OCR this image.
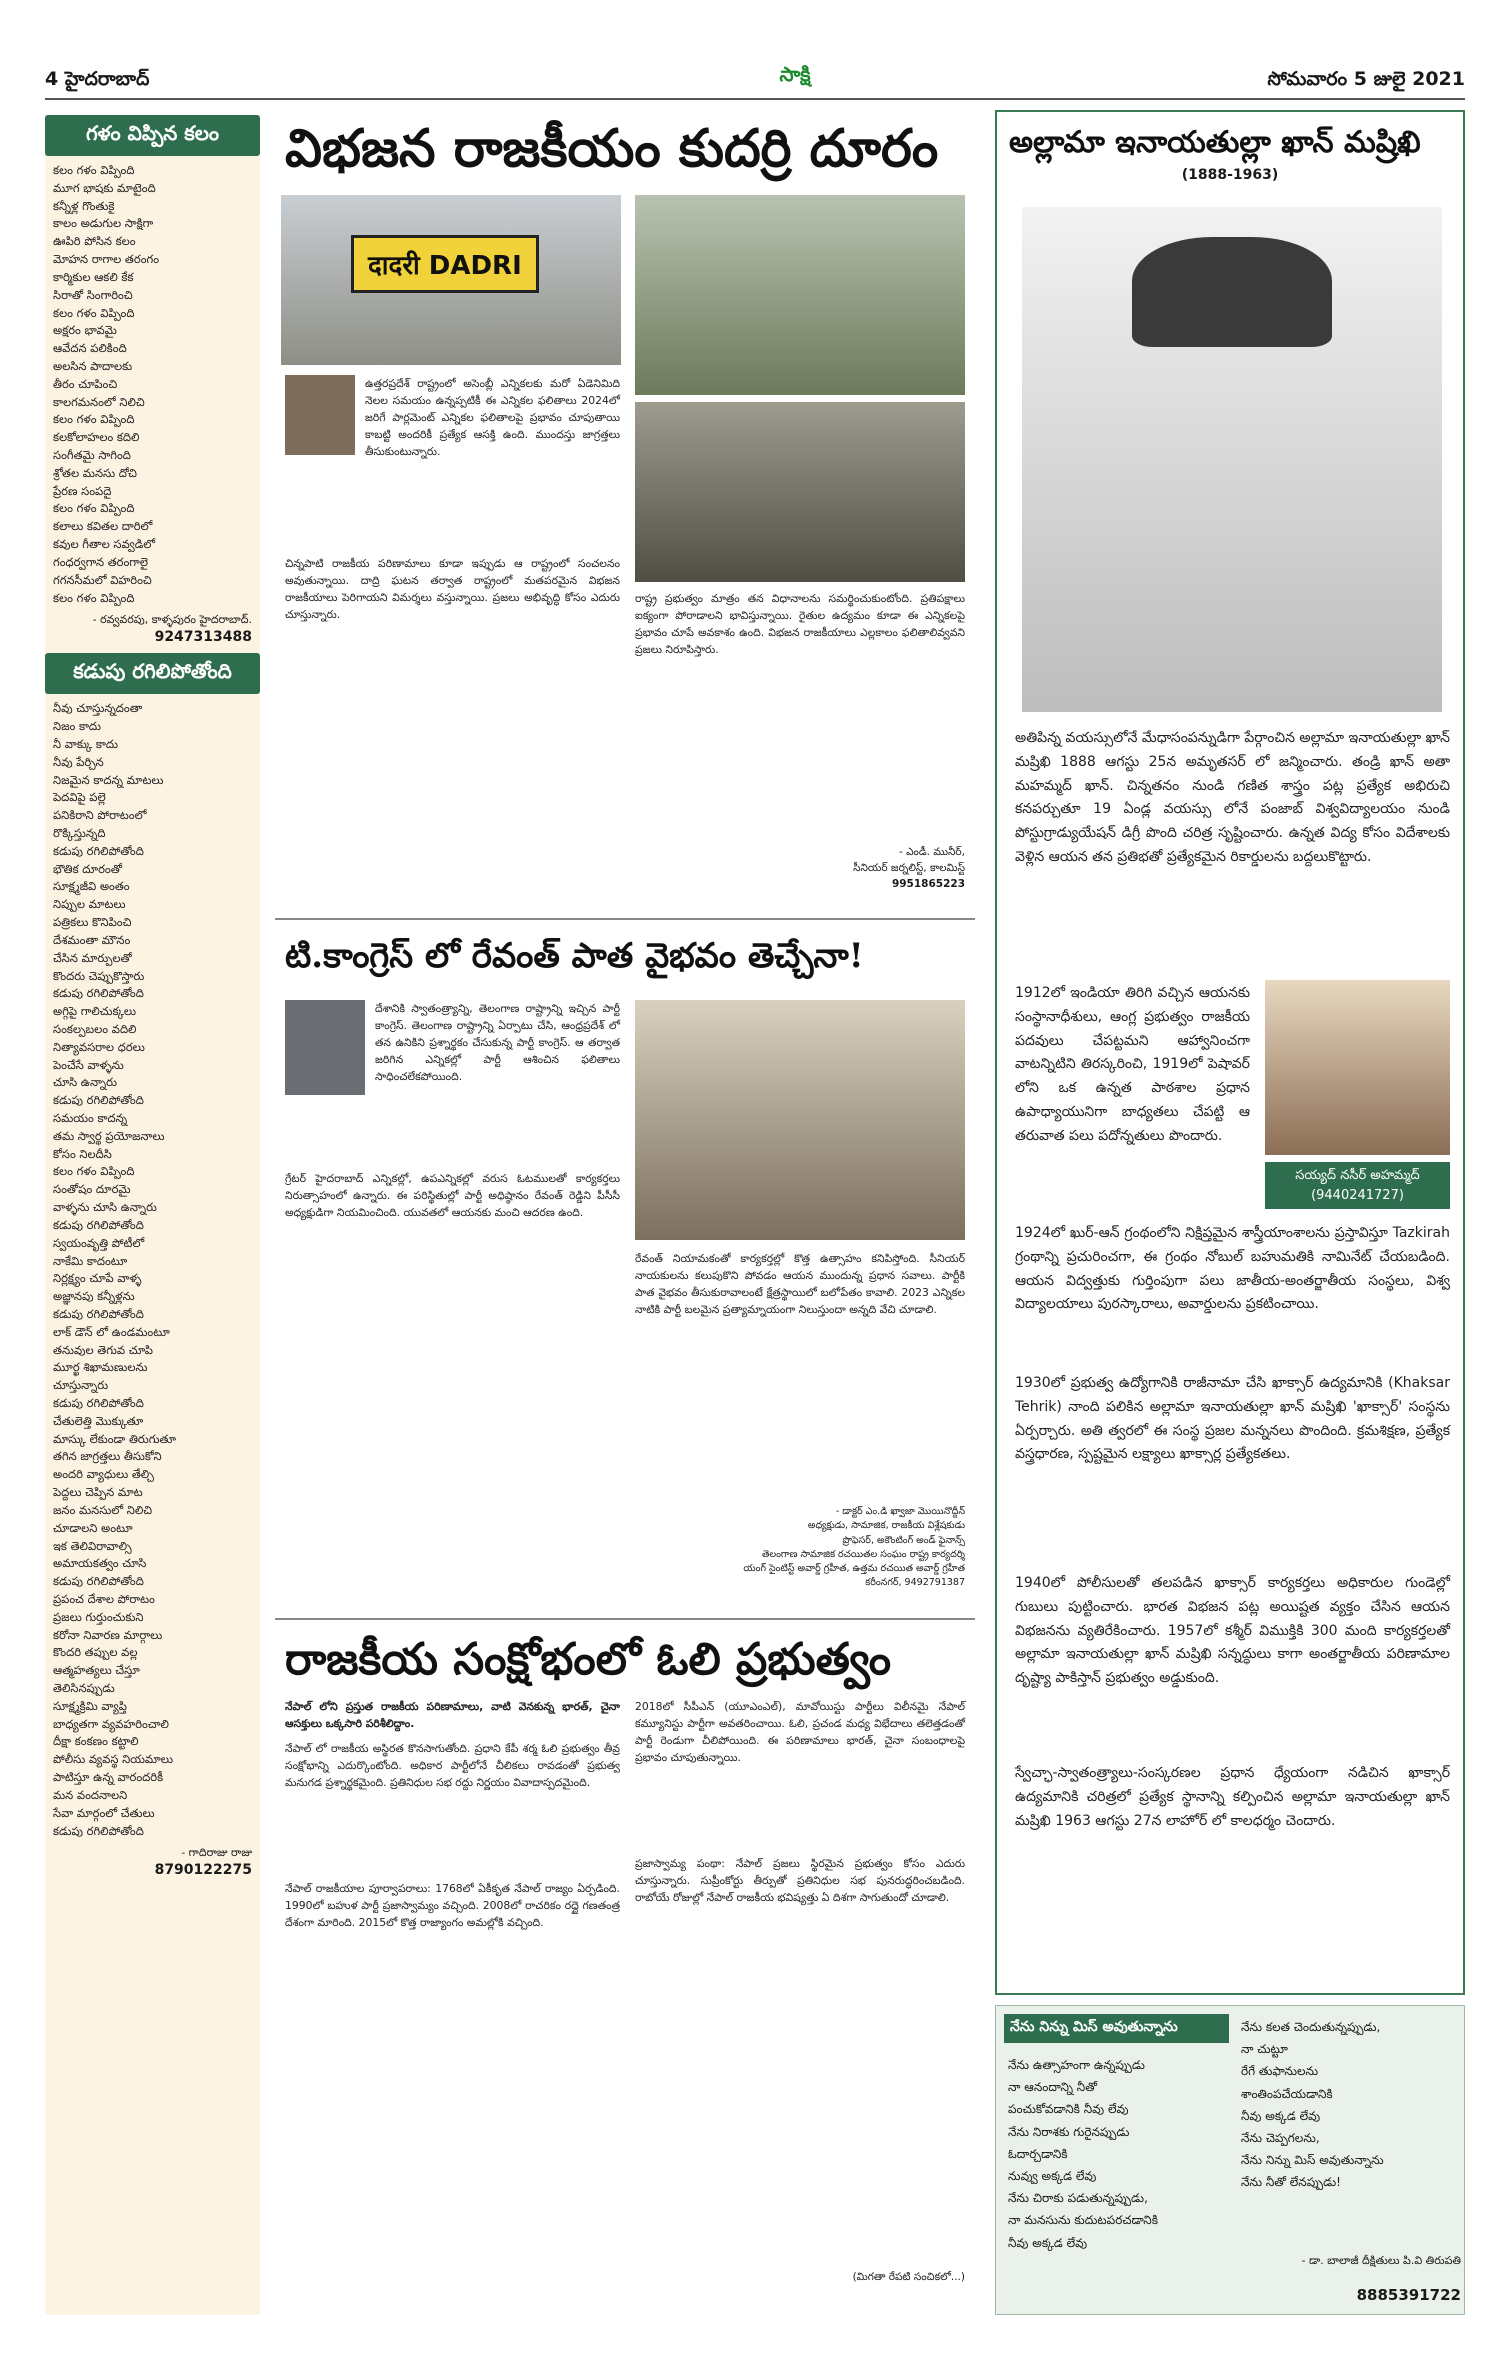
4 హైదరాబాద్	సాక్షి	సోమవారం 5 జులై 2021
గళం విప్పిన కలం

కలం గళం విప్పింది

మూగ భాషకు మాటైంది

కన్నీళ్ల గొంతుకై

కాలం అడుగుల సాక్షిగా

ఊపిరి పోసిన కలం

మోహన రాగాల తరంగం

కార్మికుల ఆకలి కేక

సిరాతో సింగారించి

కలం గళం విప్పింది

అక్షరం భావమై

ఆవేదన పలికింది

అలసిన పాదాలకు

తీరం చూపించి

కాలగమనంలో నిలిచి

కలం గళం విప్పింది

కలకోలాహలం కదిలి

సంగీతమై సాగింది

శ్రోతల మనసు దోచి

ప్రేరణ సంపదై

కలం గళం విప్పింది

కలాలు కవితల దారిలో

కవుల గీతాల సవ్వడిలో

గంధర్వగాన తరంగాలై

గగనసీమలో విహరించి

కలం గళం విప్పింది

- రవ్వవరపు, కాళ్ళపురం హైదరాబాద్.
9247313488
కడుపు రగిలిపోతోంది

నీవు చూస్తున్నదంతా

నిజం కాదు

నీ వాక్కు కాదు

నీవు పేర్చిన

నిజమైన కాదన్న మాటలు

పెదవిపై పల్లె

పనికిరాని పోరాటంలో

రొక్కిస్తున్నది

కడుపు రగిలిపోతోంది

భౌతిక దూరంతో

సూక్ష్మజీవి అంతం

నిప్పుల మాటలు

పత్రికలు కొనిపించి

దేశమంతా మౌనం

చేసిన మార్పులతో

కొందరు చెప్పుకొస్తారు

కడుపు రగిలిపోతోంది

అగ్గిపై గాలిచుక్కలు

సంకల్పబలం వదిలి

నిత్యావసరాల ధరలు

పెంచేసే వాళ్ళను

చూసి ఉన్నారు

కడుపు రగిలిపోతోంది

సమయం కాదన్న

తమ స్వార్థ ప్రయోజనాలు

కోసం నిలదీసి

కలం గళం విప్పింది

సంతోషం దూరమై

వాళ్ళను చూసి ఉన్నారు

కడుపు రగిలిపోతోంది

స్వయంవృత్తి పోటీలో

నాకేమి కాదంటూ

నిర్లక్ష్యం చూపే వాళ్ళ

అజ్ఞానపు కన్నీళ్లను

కడుపు రగిలిపోతోంది

లాక్ డౌన్ లో ఉండమంటూ

తనువుల తెగువ చూపి

మూర్ఖ శిఖామణులను

చూస్తున్నారు

కడుపు రగిలిపోతోంది

చేతులెత్తి మొక్కుతూ

మాస్కు లేకుండా తిరుగుతూ

తగిన జాగ్రత్తలు తీసుకోని

అందరి వ్యాధులు తేల్చి

పెద్దలు చెప్పిన మాట

జనం మనసులో నిలిచి

చూడాలని అంటూ

ఇక తెలివిరావాల్సి

అమాయకత్వం చూసి

కడుపు రగిలిపోతోంది

ప్రపంచ దేశాల పోరాటం

ప్రజలు గుర్తుంచుకుని

కరోనా నివారణ మార్గాలు

కొందరి తప్పుల వల్ల

ఆత్మహత్యలు చేస్తూ

తెలిసినప్పుడు

సూక్ష్మక్రిమి వ్యాప్తి

బాధ్యతగా వ్యవహరించాలి

దీక్షా కంకణం కట్టాలి

పోలీసు వ్యవస్థ నియమాలు

పాటిస్తూ ఉన్న వారందరికీ

మన వందనాలని

సేవా మార్గంలో చేతులు

కడుపు రగిలిపోతోంది

- గాదిరాజు రాజు
8790122275
విభజన రాజకీయం కుదర్రి దూరం
दादरी DADRI
ఉత్తరప్రదేశ్ రాష్ట్రంలో అసెంబ్లీ ఎన్నికలకు మరో ఏడెనిమిది నెలల సమయం ఉన్నప్పటికీ ఈ ఎన్నికల ఫలితాలు 2024లో జరిగే పార్లమెంట్ ఎన్నికల ఫలితాలపై ప్రభావం చూపుతాయి కాబట్టి అందరికీ ప్రత్యేక ఆసక్తి ఉంది. ముందస్తు జాగ్రత్తలు తీసుకుంటున్నారు.
చిన్నపాటి రాజకీయ పరిణామాలు కూడా ఇప్పుడు ఆ రాష్ట్రంలో సంచలనం అవుతున్నాయి. దాద్రి ఘటన తర్వాత రాష్ట్రంలో మతపరమైన విభజన రాజకీయాలు పెరిగాయని విమర్శలు వస్తున్నాయి. ప్రజలు అభివృద్ధి కోసం ఎదురు చూస్తున్నారు.
రాష్ట్ర ప్రభుత్వం మాత్రం తన విధానాలను సమర్థించుకుంటోంది. ప్రతిపక్షాలు ఐక్యంగా పోరాడాలని భావిస్తున్నాయి. రైతుల ఉద్యమం కూడా ఈ ఎన్నికలపై ప్రభావం చూపే అవకాశం ఉంది. విభజన రాజకీయాలు ఎల్లకాలం ఫలితాలివ్వవని ప్రజలు నిరూపిస్తారు.
- ఎండీ. మునీర్,
సీనియర్ జర్నలిస్ట్, కాలమిస్ట్
9951865223
టి.కాంగ్రెస్ లో రేవంత్ పాత వైభవం తెచ్చేనా!
దేశానికి స్వాతంత్ర్యాన్ని, తెలంగాణ రాష్ట్రాన్ని ఇచ్చిన పార్టీ కాంగ్రెస్. తెలంగాణ రాష్ట్రాన్ని ఏర్పాటు చేసి, ఆంధ్రప్రదేశ్ లో తన ఉనికిని ప్రశ్నార్థకం చేసుకున్న పార్టీ కాంగ్రెస్. ఆ తర్వాత జరిగిన ఎన్నికల్లో పార్టీ ఆశించిన ఫలితాలు సాధించలేకపోయింది.
గ్రేటర్ హైదరాబాద్ ఎన్నికల్లో, ఉపఎన్నికల్లో వరుస ఓటములతో కార్యకర్తలు నిరుత్సాహంలో ఉన్నారు. ఈ పరిస్థితుల్లో పార్టీ అధిష్ఠానం రేవంత్ రెడ్డిని పీసీసీ అధ్యక్షుడిగా నియమించింది. యువతలో ఆయనకు మంచి ఆదరణ ఉంది.
రేవంత్ నియామకంతో కార్యకర్తల్లో కొత్త ఉత్సాహం కనిపిస్తోంది. సీనియర్ నాయకులను కలుపుకొని పోవడం ఆయన ముందున్న ప్రధాన సవాలు. పార్టీకి పాత వైభవం తీసుకురావాలంటే క్షేత్రస్థాయిలో బలోపేతం కావాలి. 2023 ఎన్నికల నాటికి పార్టీ బలమైన ప్రత్యామ్నాయంగా నిలుస్తుందా అన్నది వేచి చూడాలి.

- డాక్టర్ ఎం.డి ఖ్వాజా మొయినొద్దీన్

అధ్యక్షుడు, సామాజిక, రాజకీయ విశ్లేషకుడు

ప్రొఫెసర్, అకౌంటింగ్ అండ్ ఫైనాన్స్

తెలంగాణ సామాజిక రచయితల సంఘం రాష్ట్ర కార్యదర్శి

యంగ్ సైంటిస్ట్ అవార్డ్ గ్రహీత, ఉత్తమ రచయిత అవార్డ్ గ్రహీత

కరీంనగర్, 9492791387

రాజకీయ సంక్షోభంలో ఓలి ప్రభుత్వం
నేపాల్ లోని ప్రస్తుత రాజకీయ పరిణామాలు, వాటి వెనకున్న భారత్, చైనా ఆసక్తులు ఒక్కసారి పరిశీలిద్దాం.
నేపాల్ లో రాజకీయ అస్థిరత కొనసాగుతోంది. ప్రధాని కేపీ శర్మ ఓలి ప్రభుత్వం తీవ్ర సంక్షోభాన్ని ఎదుర్కొంటోంది. అధికార పార్టీలోనే చీలికలు రావడంతో ప్రభుత్వ మనుగడ ప్రశ్నార్థకమైంది. ప్రతినిధుల సభ రద్దు నిర్ణయం వివాదాస్పదమైంది.
నేపాల్ రాజకీయాల పూర్వాపరాలు: 1768లో ఏకీకృత నేపాల్ రాజ్యం ఏర్పడింది. 1990లో బహుళ పార్టీ ప్రజాస్వామ్యం వచ్చింది. 2008లో రాచరికం రద్దై గణతంత్ర దేశంగా మారింది. 2015లో కొత్త రాజ్యాంగం అమల్లోకి వచ్చింది.
2018లో సీపీఎన్ (యూఎంఎల్), మావోయిస్టు పార్టీలు విలీనమై నేపాల్ కమ్యూనిస్టు పార్టీగా అవతరించాయి. ఓలి, ప్రచండ మధ్య విభేదాలు తలెత్తడంతో పార్టీ రెండుగా చీలిపోయింది. ఈ పరిణామాలు భారత్, చైనా సంబంధాలపై ప్రభావం చూపుతున్నాయి.
ప్రజాస్వామ్య పంథా: నేపాల్ ప్రజలు స్థిరమైన ప్రభుత్వం కోసం ఎదురు చూస్తున్నారు. సుప్రీంకోర్టు తీర్పుతో ప్రతినిధుల సభ పునరుద్ధరించబడింది. రాబోయే రోజుల్లో నేపాల్ రాజకీయ భవిష్యత్తు ఏ దిశగా సాగుతుందో చూడాలి.
(మిగతా రేపటి సంచికలో...)
అల్లామా ఇనాయతుల్లా ఖాన్ మష్రిఖి
(1888-1963)
అతిపిన్న వయస్సులోనే మేధాసంపన్నుడిగా పేర్గాంచిన అల్లామా ఇనాయతుల్లా ఖాన్ మష్రిఖి 1888 ఆగస్టు 25న అమృతసర్ లో జన్మించారు. తండ్రి ఖాన్ అతా మహమ్మద్ ఖాన్. చిన్నతనం నుండి గణిత శాస్త్రం పట్ల ప్రత్యేక అభిరుచి కనపర్చుతూ 19 ఏండ్ల వయస్సు లోనే పంజాబ్ విశ్వవిద్యాలయం నుండి పోస్టుగ్రాడ్యుయేషన్ డిగ్రీ పొంది చరిత్ర సృష్టించారు. ఉన్నత విద్య కోసం విదేశాలకు వెళ్లిన ఆయన తన ప్రతిభతో ప్రత్యేకమైన రికార్డులను బద్దలుకొట్టారు.
1912లో ఇండియా తిరిగి వచ్చిన ఆయనకు సంస్థానాధీశులు, ఆంగ్ల ప్రభుత్వం రాజకీయ పదవులు చేపట్టమని ఆహ్వానించగా వాటన్నిటిని తిరస్కరించి, 1919లో పెషావర్ లోని ఒక ఉన్నత పాఠశాల ప్రధాన ఉపాధ్యాయునిగా బాధ్యతలు చేపట్టి ఆ తరువాత పలు పదోన్నతులు పొందారు.
సయ్యద్ నసీర్ అహమ్మద్
(9440241727)
1924లో ఖుర్-ఆన్ గ్రంథంలోని నిక్షిప్తమైన శాస్త్రీయాంశాలను ప్రస్తావిస్తూ Tazkirah గ్రంథాన్ని ప్రచురించగా, ఈ గ్రంథం నోబుల్ బహుమతికి నామినేట్ చేయబడింది. ఆయన విద్వత్తుకు గుర్తింపుగా పలు జాతీయ-అంతర్జాతీయ సంస్థలు, విశ్వ విద్యాలయాలు పురస్కారాలు, అవార్డులను ప్రకటించాయి.
1930లో ప్రభుత్వ ఉద్యోగానికి రాజీనామా చేసి ఖాక్సార్ ఉద్యమానికి (Khaksar Tehrik) నాంది పలికిన అల్లామా ఇనాయతుల్లా ఖాన్ మష్రిఖి 'ఖాక్సార్' సంస్థను ఏర్పర్చారు. అతి త్వరలో ఈ సంస్థ ప్రజల మన్ననలు పొందింది. క్రమశిక్షణ, ప్రత్యేక వస్త్రధారణ, స్పష్టమైన లక్ష్యాలు ఖాక్సార్ల ప్రత్యేకతలు.
1940లో పోలీసులతో తలపడిన ఖాక్సార్ కార్యకర్తలు అధికారుల గుండెల్లో గుబులు పుట్టించారు. భారత విభజన పట్ల అయిష్టత వ్యక్తం చేసిన ఆయన విభజనను వ్యతిరేకించారు. 1957లో కశ్మీర్ విముక్తికి 300 మంది కార్యకర్తలతో అల్లామా ఇనాయతుల్లా ఖాన్ మష్రిఖి సన్నద్ధులు కాగా అంతర్జాతీయ పరిణామాల దృష్ట్యా పాకిస్తాన్ ప్రభుత్వం అడ్డుకుంది.
స్వేచ్ఛా-స్వాతంత్ర్యాలు-సంస్కరణల ప్రధాన ధ్యేయంగా నడిచిన ఖాక్సార్ ఉద్యమానికి చరిత్రలో ప్రత్యేక స్థానాన్ని కల్పించిన అల్లామా ఇనాయతుల్లా ఖాన్ మష్రిఖి 1963 ఆగస్టు 27న లాహోర్ లో కాలధర్మం చెందారు.
నేను నిన్ను మిస్ అవుతున్నాను

నేను ఉత్సాహంగా ఉన్నప్పుడు

నా ఆనందాన్ని నీతో

పంచుకోవడానికి నీవు లేవు

నేను నిరాశకు గురైనప్పుడు

ఓదార్చడానికి

నువ్వు అక్కడ లేవు

నేను చిరాకు పడుతున్నప్పుడు,

నా మనసును కుదుటపరచడానికి

నీవు అక్కడ లేవు

నేను కలత చెందుతున్నప్పుడు,

నా చుట్టూ

రేగే తుఫానులను

శాంతింపచేయడానికి

నీవు అక్కడ లేవు

నేను చెప్పగలను,

నేను నిన్ను మిస్ అవుతున్నాను

నేను నీతో లేనప్పుడు!

- డా. బాలాజీ దీక్షితులు పి.వి తిరుపతి
8885391722
